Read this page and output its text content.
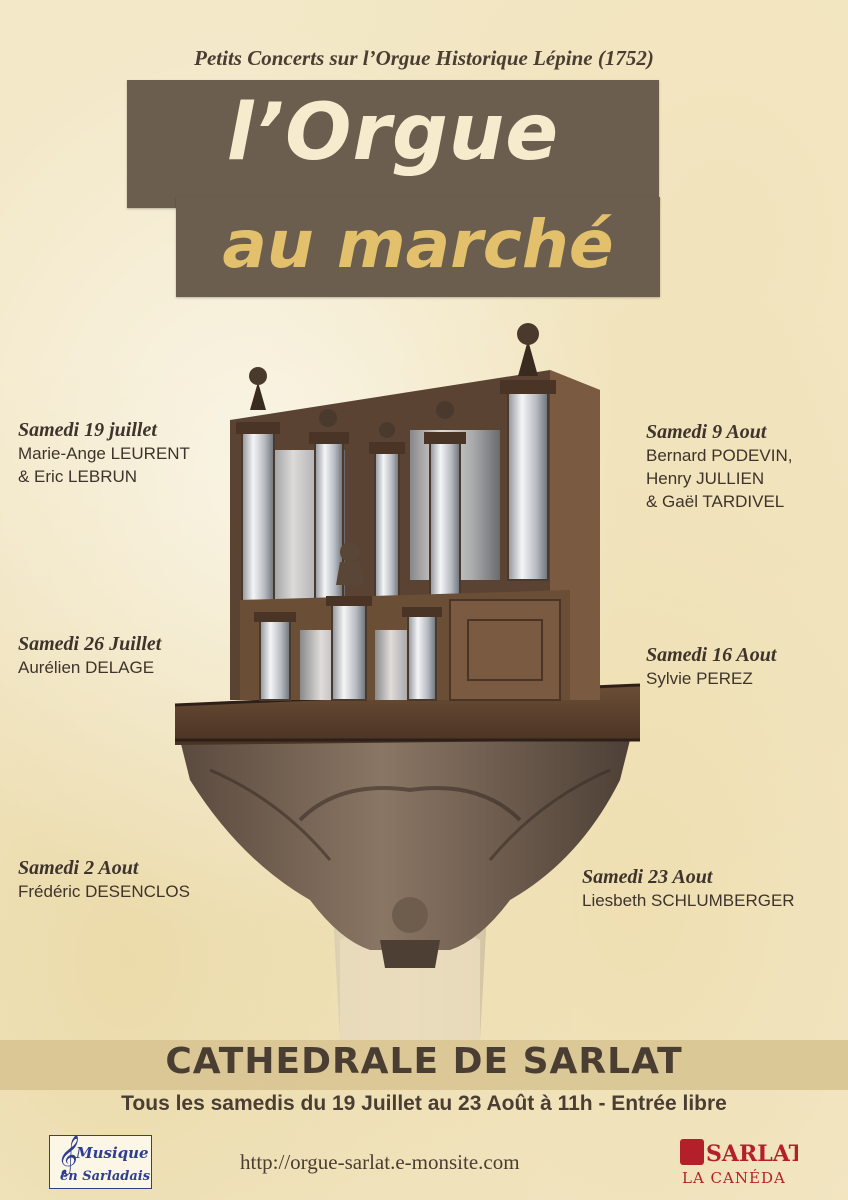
Petits Concerts sur l’Orgue Historique Lépine (1752)
l’Orgue
au marché
Samedi 19 juillet
Marie-Ange LEURENT
& Eric LEBRUN
Samedi 26 Juillet
Aurélien DELAGE
Samedi 2 Aout
Frédéric DESENCLOS
Samedi 9 Aout
Bernard PODEVIN,
Henry JULLIEN
& Gaël TARDIVEL
Samedi 16 Aout
Sylvie PEREZ
Samedi 23 Aout
Liesbeth SCHLUMBERGER
CATHEDRALE DE SARLAT
Tous les samedis du 19 Juillet au 23 Août à 11h - Entrée libre
𝄞 Musique
en Sarladais
http://orgue-sarlat.e-monsite.com	SARLAT
LA CANÉDA
